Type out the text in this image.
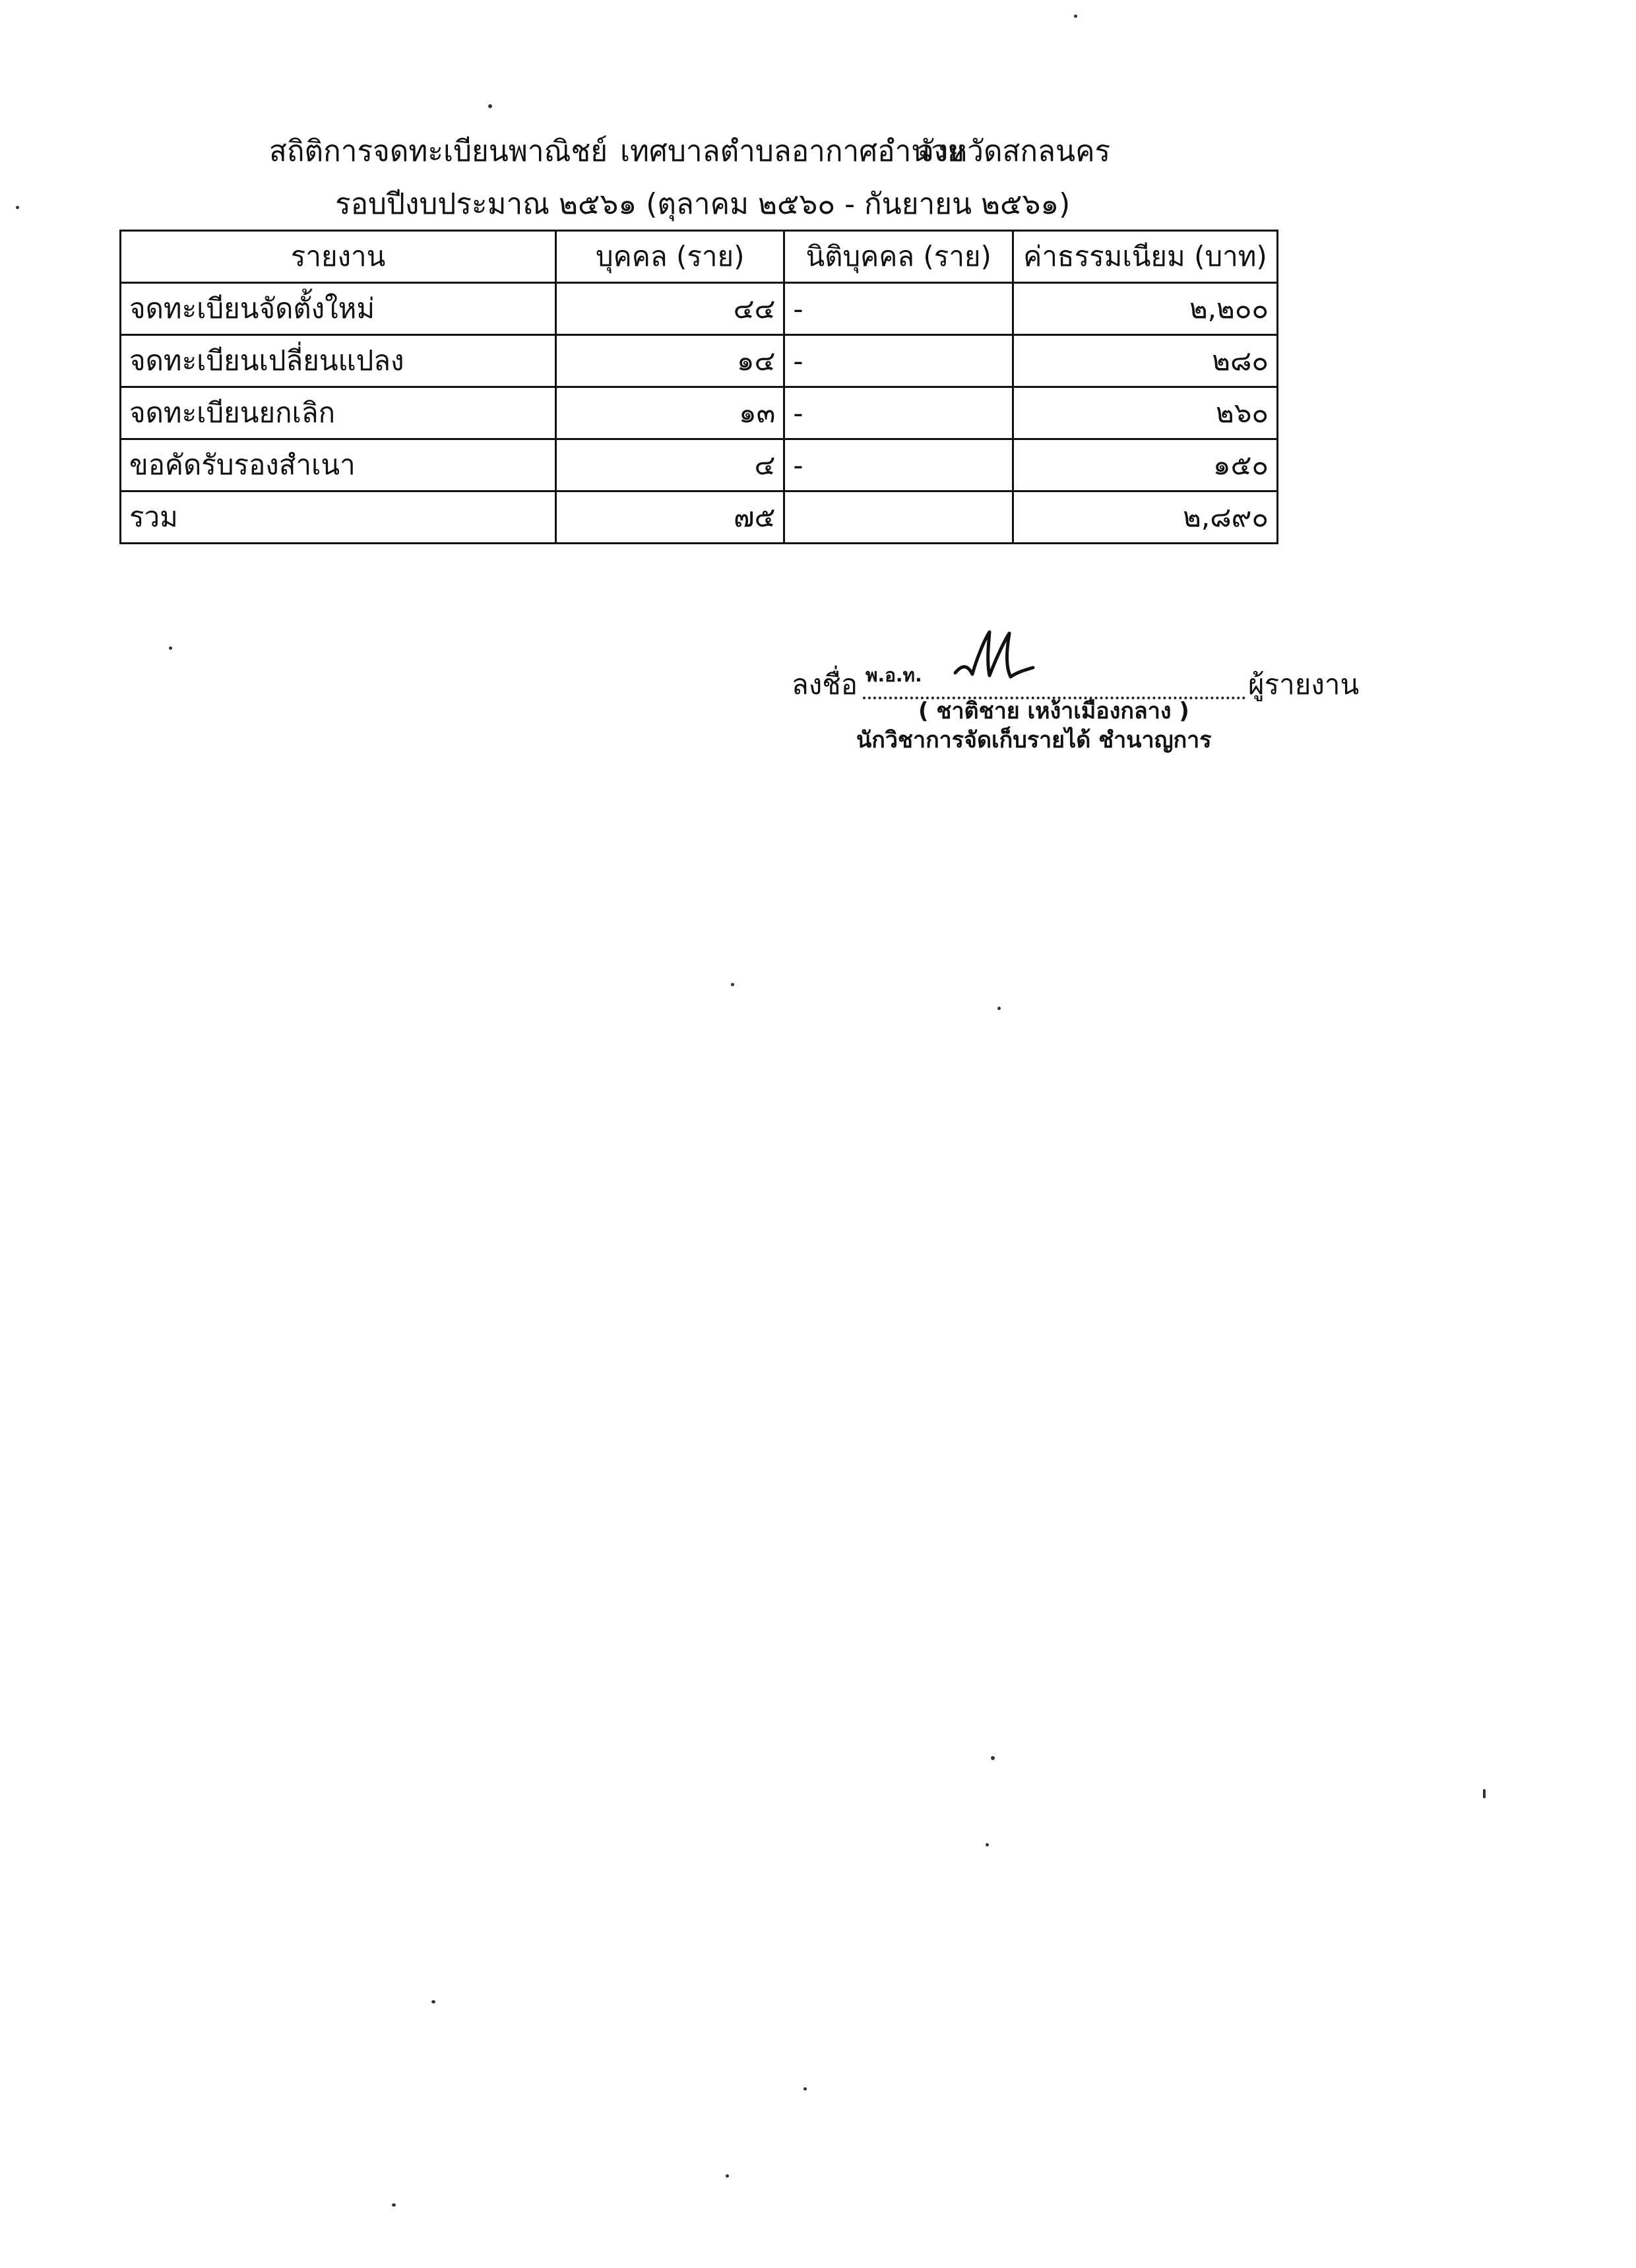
สถิติการจดทะเบียนพาณิชย์ เทศบาลตำบลอากาศอำนวย
จังหวัดสกลนคร
รอบปีงบประมาณ ๒๕๖๑ (ตุลาคม ๒๕๖๐ - กันยายน ๒๕๖๑)
รายงาน	บุคคล (ราย)	นิติบุคคล (ราย)	ค่าธรรมเนียม (บาท)
จดทะเบียนจัดตั้งใหม่	๔๔	-	๒,๒๐๐
จดทะเบียนเปลี่ยนแปลง	๑๔	-	๒๘๐
จดทะเบียนยกเลิก	๑๓	-	๒๖๐
ขอคัดรับรองสำเนา	๔	-	๑๕๐
รวม	๗๕		๒,๘๙๐
ลงชื่อ พ.อ.ท.	ผู้รายงาน
( ชาติชาย เหง้าเมืองกลาง )
นักวิชาการจัดเก็บรายได้ ชำนาญการ
